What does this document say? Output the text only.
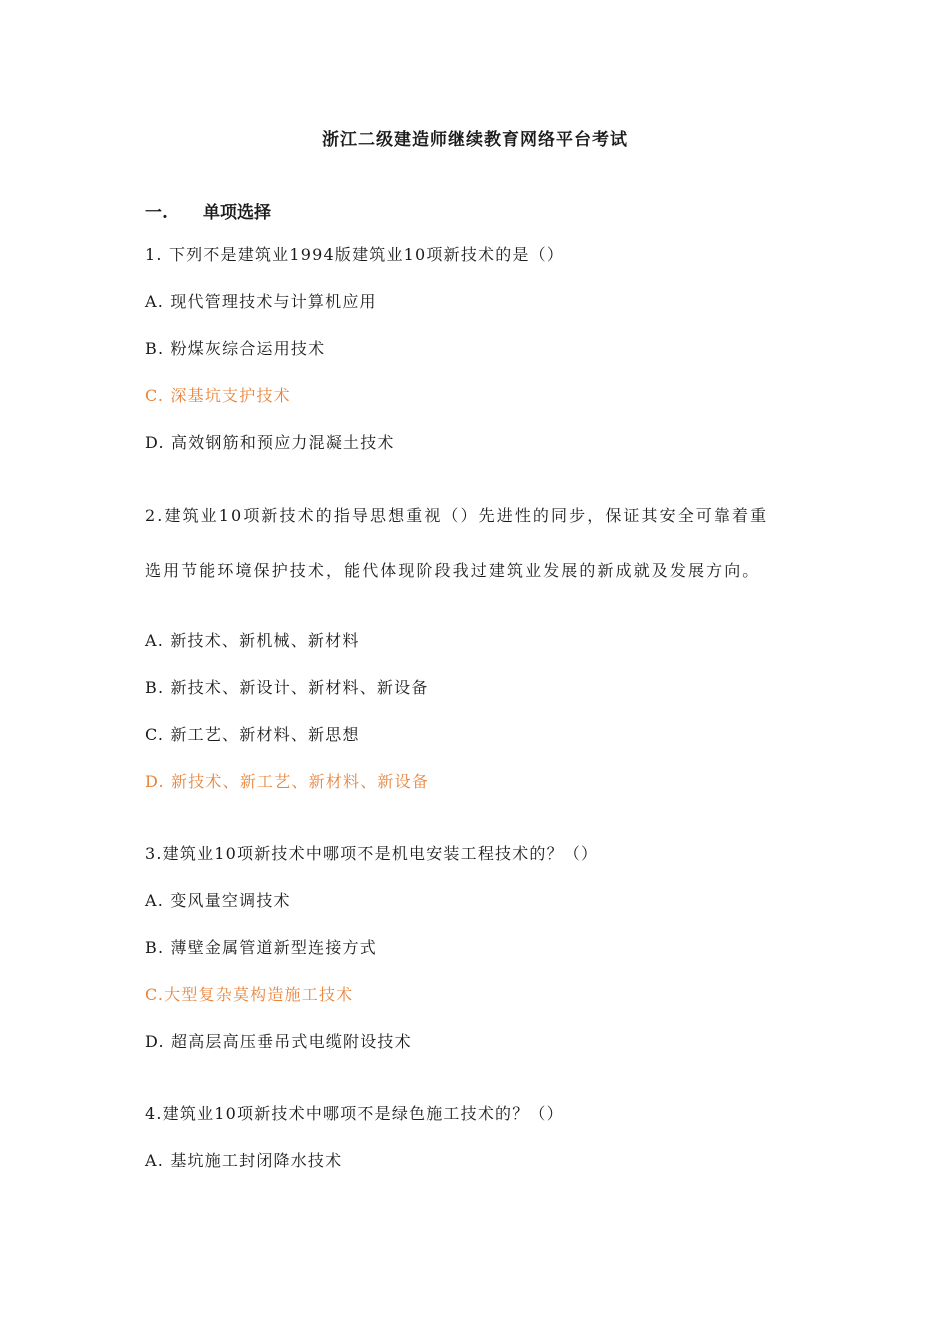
浙江二级建造师继续教育网络平台考试
一.	单项选择
1. 下列不是建筑业1994版建筑业10项新技术的是（）
A. 现代管理技术与计算机应用
B. 粉煤灰综合运用技术
C. 深基坑支护技术
D. 高效钢筋和预应力混凝土技术
2.建筑业10项新技术的指导思想重视（）先进性的同步，保证其安全可靠着重
选用节能环境保护技术，能代体现阶段我过建筑业发展的新成就及发展方向。
A. 新技术、新机械、新材料
B. 新技术、新设计、新材料、新设备
C. 新工艺、新材料、新思想
D. 新技术、新工艺、新材料、新设备
3.建筑业10项新技术中哪项不是机电安装工程技术的？（）
A. 变风量空调技术
B. 薄壁金属管道新型连接方式
C.大型复杂莫构造施工技术
D. 超高层高压垂吊式电缆附设技术
4.建筑业10项新技术中哪项不是绿色施工技术的？（）
A. 基坑施工封闭降水技术
